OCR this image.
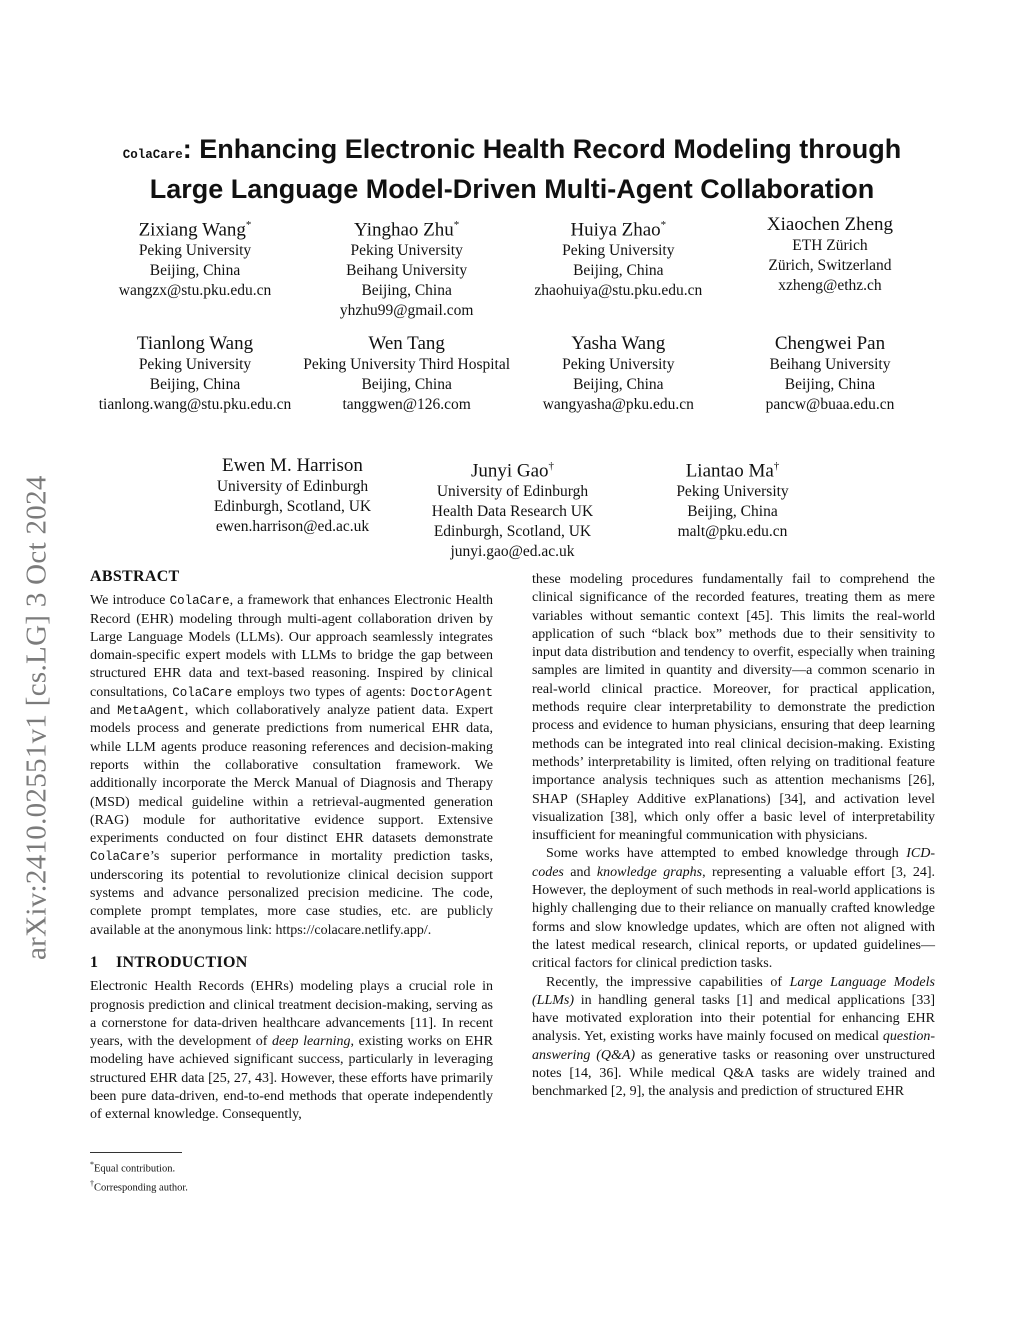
arXiv:2410.02551v1 [cs.LG] 3 Oct 2024
ColaCare: Enhancing Electronic Health Record Modeling through
Large Language Model-Driven Multi-Agent Collaboration
Zixiang Wang*
Peking University
Beijing, China
wangzx@stu.pku.edu.cn
Yinghao Zhu*
Peking University
Beihang University
Beijing, China
yhzhu99@gmail.com
Huiya Zhao*
Peking University
Beijing, China
zhaohuiya@stu.pku.edu.cn
Xiaochen Zheng
ETH Zürich
Zürich, Switzerland
xzheng@ethz.ch
Tianlong Wang
Peking University
Beijing, China
tianlong.wang@stu.pku.edu.cn
Wen Tang
Peking University Third Hospital
Beijing, China
tanggwen@126.com
Yasha Wang
Peking University
Beijing, China
wangyasha@pku.edu.cn
Chengwei Pan
Beihang University
Beijing, China
pancw@buaa.edu.cn
Ewen M. Harrison
University of Edinburgh
Edinburgh, Scotland, UK
ewen.harrison@ed.ac.uk
Junyi Gao†
University of Edinburgh
Health Data Research UK
Edinburgh, Scotland, UK
junyi.gao@ed.ac.uk
Liantao Ma†
Peking University
Beijing, China
malt@pku.edu.cn
ABSTRACT

We introduce ColaCare, a framework that enhances Electronic Health Record (EHR) modeling through multi-agent collaboration driven by Large Language Models (LLMs). Our approach seamlessly integrates domain-specific expert models with LLMs to bridge the gap between structured EHR data and text-based reasoning. Inspired by clinical consultations, ColaCare employs two types of agents: DoctorAgent and MetaAgent, which collaboratively analyze patient data. Expert models process and generate predictions from numerical EHR data, while LLM agents produce reasoning references and decision-making reports within the collaborative consultation framework. We additionally incorporate the Merck Manual of Diagnosis and Therapy (MSD) medical guideline within a retrieval-augmented generation (RAG) module for authoritative evidence support. Extensive experiments conducted on four distinct EHR datasets demonstrate ColaCare’s superior performance in mortality prediction tasks, underscoring its potential to revolutionize clinical decision support systems and advance personalized precision medicine. The code, complete prompt templates, more case studies, etc. are publicly available at the anonymous link: https://colacare.netlify.app/.

1 INTRODUCTION

Electronic Health Records (EHRs) modeling plays a crucial role in prognosis prediction and clinical treatment decision-making, serving as a cornerstone for data-driven healthcare advancements [11]. In recent years, with the development of deep learning, existing works on EHR modeling have achieved significant success, particularly in leveraging structured EHR data [25, 27, 43]. However, these efforts have primarily been pure data-driven, end-to-end methods that operate independently of external knowledge. Consequently,

these modeling procedures fundamentally fail to comprehend the clinical significance of the recorded features, treating them as mere variables without semantic context [45]. This limits the real-world application of such “black box” methods due to their sensitivity to input data distribution and tendency to overfit, especially when training samples are limited in quantity and diversity—a common scenario in real-world clinical practice. Moreover, for practical application, methods require clear interpretability to demonstrate the prediction process and evidence to human physicians, ensuring that deep learning methods can be integrated into real clinical decision-making. Existing methods’ interpretability is limited, often relying on traditional feature importance analysis techniques such as attention mechanisms [26], SHAP (SHapley Additive exPlanations) [34], and activation level visualization [38], which only offer a basic level of interpretability insufficient for meaningful communication with physicians.

Some works have attempted to embed knowledge through ICD-codes and knowledge graphs, representing a valuable effort [3, 24]. However, the deployment of such methods in real-world applications is highly challenging due to their reliance on manually crafted knowledge forms and slow knowledge updates, which are often not aligned with the latest medical research, clinical reports, or updated guidelines—critical factors for clinical prediction tasks.

Recently, the impressive capabilities of Large Language Models (LLMs) in handling general tasks [1] and medical applications [33] have motivated exploration into their potential for enhancing EHR analysis. Yet, existing works have mainly focused on medical question-answering (Q&A) as generative tasks or reasoning over unstructured notes [14, 36]. While medical Q&A tasks are widely trained and benchmarked [2, 9], the analysis and prediction of structured EHR

*Equal contribution.
†Corresponding author.
